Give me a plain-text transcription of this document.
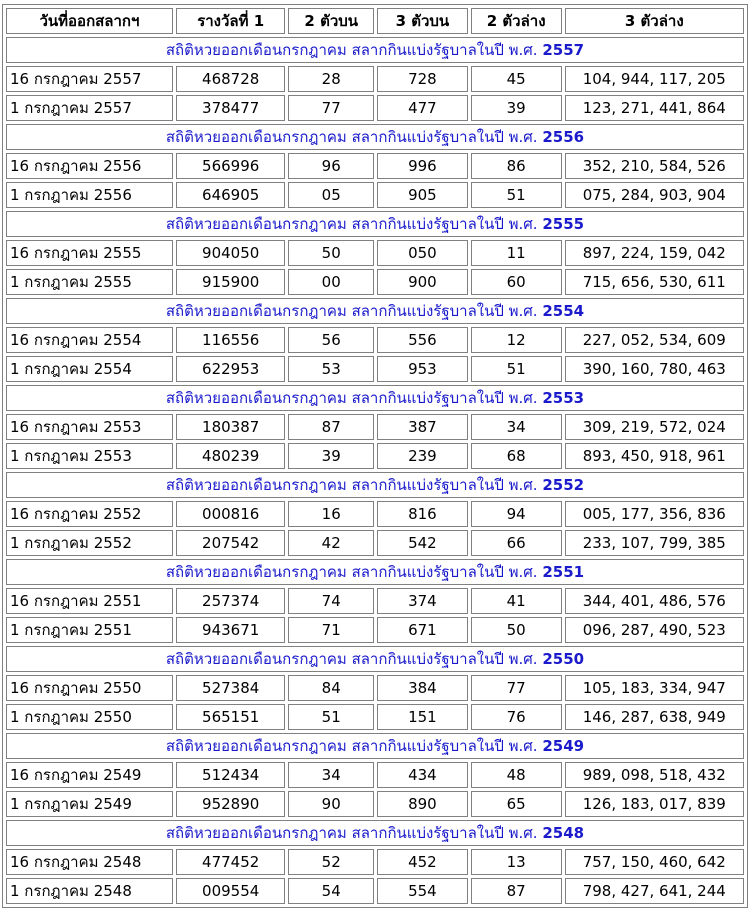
วันที่ออกสลากฯ	รางวัลที่ 1	2 ตัวบน	3 ตัวบน	2 ตัวล่าง	3 ตัวล่าง
สถิติหวยออกเดือนกรกฎาคม สลากกินแบ่งรัฐบาลในปี พ.ศ. 2557					
16 กรกฎาคม 2557	468728	28	728	45	104, 944, 117, 205
1 กรกฎาคม 2557	378477	77	477	39	123, 271, 441, 864
สถิติหวยออกเดือนกรกฎาคม สลากกินแบ่งรัฐบาลในปี พ.ศ. 2556					
16 กรกฎาคม 2556	566996	96	996	86	352, 210, 584, 526
1 กรกฎาคม 2556	646905	05	905	51	075, 284, 903, 904
สถิติหวยออกเดือนกรกฎาคม สลากกินแบ่งรัฐบาลในปี พ.ศ. 2555					
16 กรกฎาคม 2555	904050	50	050	11	897, 224, 159, 042
1 กรกฎาคม 2555	915900	00	900	60	715, 656, 530, 611
สถิติหวยออกเดือนกรกฎาคม สลากกินแบ่งรัฐบาลในปี พ.ศ. 2554					
16 กรกฎาคม 2554	116556	56	556	12	227, 052, 534, 609
1 กรกฎาคม 2554	622953	53	953	51	390, 160, 780, 463
สถิติหวยออกเดือนกรกฎาคม สลากกินแบ่งรัฐบาลในปี พ.ศ. 2553					
16 กรกฎาคม 2553	180387	87	387	34	309, 219, 572, 024
1 กรกฎาคม 2553	480239	39	239	68	893, 450, 918, 961
สถิติหวยออกเดือนกรกฎาคม สลากกินแบ่งรัฐบาลในปี พ.ศ. 2552					
16 กรกฎาคม 2552	000816	16	816	94	005, 177, 356, 836
1 กรกฎาคม 2552	207542	42	542	66	233, 107, 799, 385
สถิติหวยออกเดือนกรกฎาคม สลากกินแบ่งรัฐบาลในปี พ.ศ. 2551					
16 กรกฎาคม 2551	257374	74	374	41	344, 401, 486, 576
1 กรกฎาคม 2551	943671	71	671	50	096, 287, 490, 523
สถิติหวยออกเดือนกรกฎาคม สลากกินแบ่งรัฐบาลในปี พ.ศ. 2550					
16 กรกฎาคม 2550	527384	84	384	77	105, 183, 334, 947
1 กรกฎาคม 2550	565151	51	151	76	146, 287, 638, 949
สถิติหวยออกเดือนกรกฎาคม สลากกินแบ่งรัฐบาลในปี พ.ศ. 2549					
16 กรกฎาคม 2549	512434	34	434	48	989, 098, 518, 432
1 กรกฎาคม 2549	952890	90	890	65	126, 183, 017, 839
สถิติหวยออกเดือนกรกฎาคม สลากกินแบ่งรัฐบาลในปี พ.ศ. 2548					
16 กรกฎาคม 2548	477452	52	452	13	757, 150, 460, 642
1 กรกฎาคม 2548	009554	54	554	87	798, 427, 641, 244
